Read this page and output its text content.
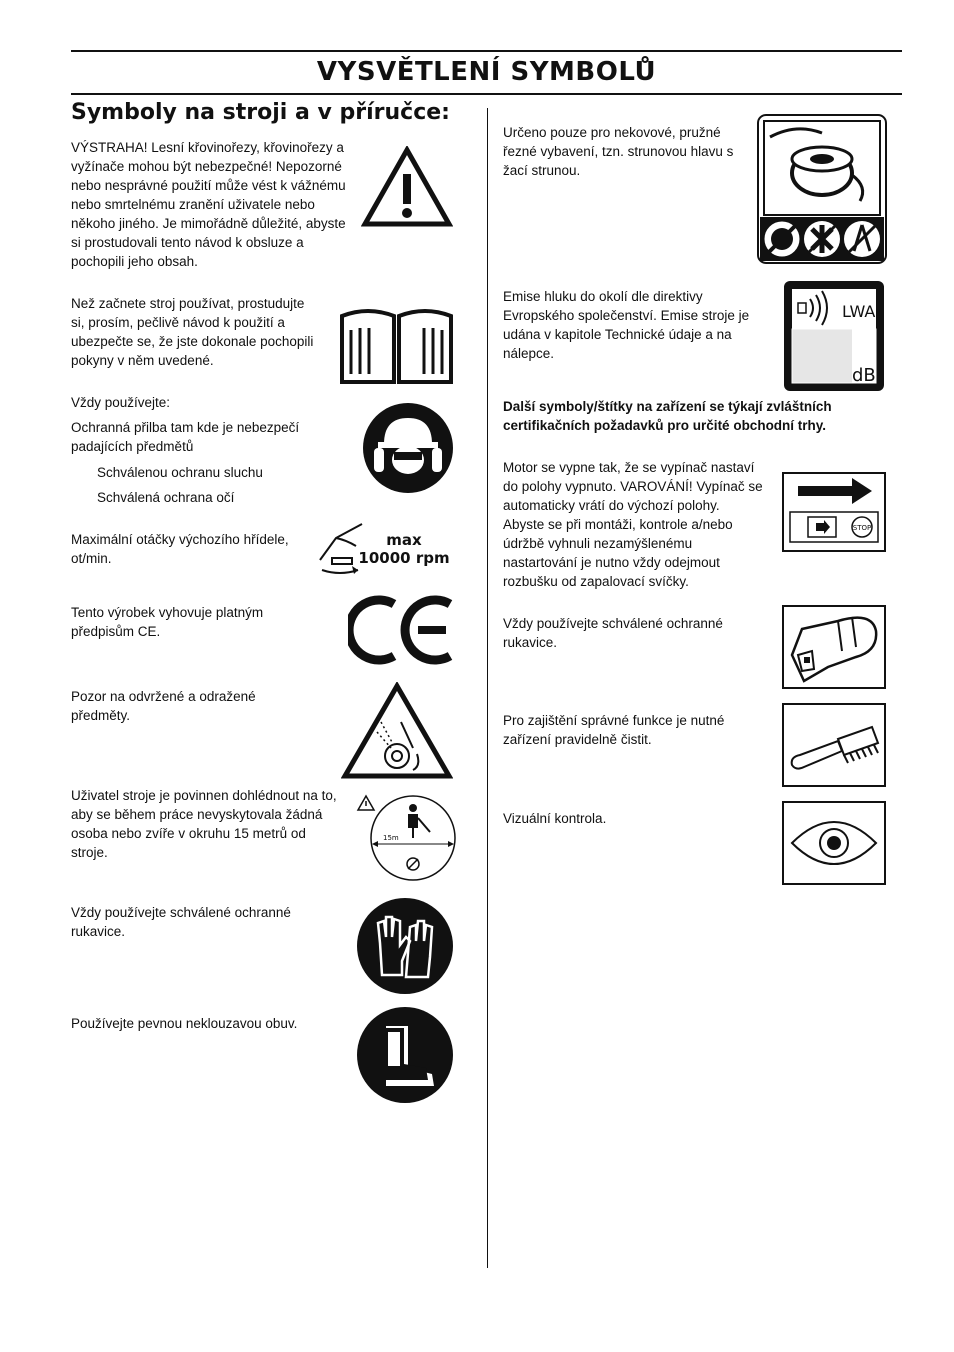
VYSVĚTLENÍ SYMBOLŮ
Symboly na stroji a v příručce:
VÝSTRAHA! Lesní křovinořezy, křovinořezy a vyžínače mohou být nebezpečné! Nepozorné nebo nesprávné použití může vést k vážnému nebo smrtelnému zranění uživatele nebo někoho jiného. Je mimořádně důležité, abyste si prostudovali tento návod k obsluze a pochopili jeho obsah.
Než začnete stroj používat, prostudujte si, prosím, pečlivě návod k použití a ubezpečte se, že jste dokonale pochopili pokyny v něm uvedené.
Vždy používejte:
Ochranná přilba tam kde je nebezpečí padajících předmětů
Schválenou ochranu sluchu
Schválená ochrana očí
Maximální otáčky výchozího hřídele, ot/min.
max
10000 rpm
Tento výrobek vyhovuje platným předpisům CE.
Pozor na odvržené a odražené předměty.
Uživatel stroje je povinnen dohlédnout na to, aby se během práce nevyskytovala žádná osoba nebo zvíře v okruhu 15 metrů od stroje.
15m
Vždy používejte schválené ochranné rukavice.
Používejte pevnou neklouzavou obuv.
Určeno pouze pro nekovové, pružné řezné vybavení, tzn. strunovou hlavu s žací strunou.
Emise hluku do okolí dle direktivy Evropského společenství. Emise stroje je udána v kapitole Technické údaje a na nálepce.
LWA
dB
Další symboly/štítky na zařízení se týkají zvláštních certifikačních požadavků pro určité obchodní trhy.
Motor se vypne tak, že se vypínač nastaví do polohy vypnuto. VAROVÁNÍ! Vypínač se automaticky vrátí do výchozí polohy. Abyste se při montáži, kontrole a/nebo údržbě vyhnuli nezamýšlenému nastartování je nutno vždy odejmout rozbušku od zapalovací svíčky.
STOP
Vždy používejte schválené ochranné rukavice.
Pro zajištění správné funkce je nutné zařízení pravidelně čistit.
Vizuální kontrola.
